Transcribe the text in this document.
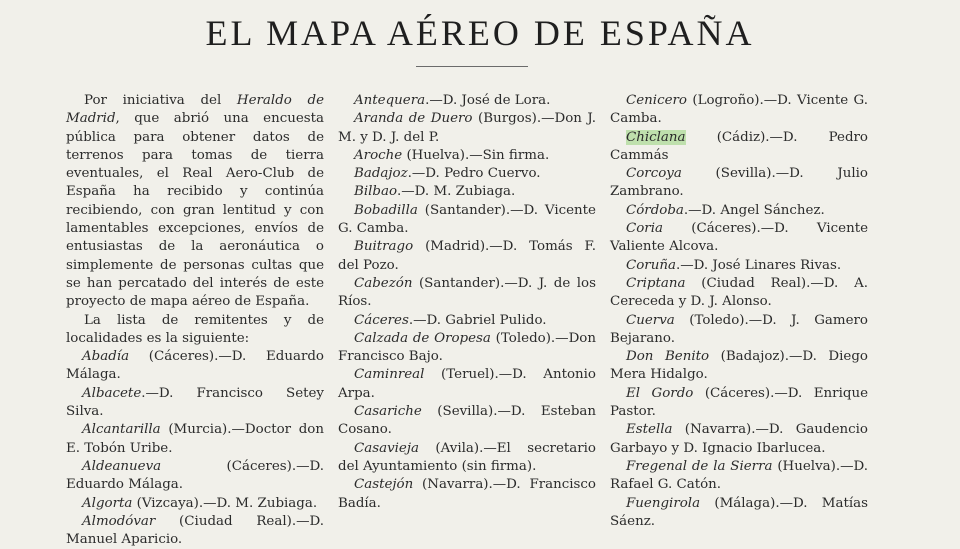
EL MAPA AÉREO DE ESPAÑA

Por iniciativa del Heraldo de Madrid, que abrió una encuesta pública para obtener datos de terrenos para tomas de tierra eventuales, el Real Aero-Club de España ha recibido y continúa recibiendo, con gran lentitud y con lamentables excepciones, envíos de entusiastas de la aeronáutica o simplemente de personas cultas que se han percatado del interés de este proyecto de mapa aéreo de España.

La lista de remitentes y de localidades es la siguiente:

Abadía (Cáceres).—D. Eduardo Málaga.

Albacete.—D. Francisco Setey Silva.

Alcantarilla (Murcia).—Doctor don E. Tobón Uribe.

Aldeanueva (Cáceres).—D. Eduardo Málaga.

Algorta (Vizcaya).—D. M. Zubiaga.

Almodóvar (Ciudad Real).—D. Manuel Aparicio.

Antequera.—D. José de Lora.

Aranda de Duero (Burgos).—Don J. M. y D. J. del P.

Aroche (Huelva).—Sin firma.

Badajoz.—D. Pedro Cuervo.

Bilbao.—D. M. Zubiaga.

Bobadilla (Santander).—D. Vicente G. Camba.

Buitrago (Madrid).—D. Tomás F. del Pozo.

Cabezón (Santander).—D. J. de los Ríos.

Cáceres.—D. Gabriel Pulido.

Calzada de Oropesa (Toledo).—Don Francisco Bajo.

Caminreal (Teruel).—D. Antonio Arpa.

Casariche (Sevilla).—D. Esteban Cosano.

Casavieja (Avila).—El secretario del Ayuntamiento (sin firma).

Castejón (Navarra).—D. Francisco Badía.

Cenicero (Logroño).—D. Vicente G. Camba.

Chiclana (Cádiz).—D. Pedro Cammás

Corcoya (Sevilla).—D. Julio Zambrano.

Córdoba.—D. Angel Sánchez.

Coria (Cáceres).—D. Vicente Valiente Alcova.

Coruña.—D. José Linares Rivas.

Criptana (Ciudad Real).—D. A. Cereceda y D. J. Alonso.

Cuerva (Toledo).—D. J. Gamero Bejarano.

Don Benito (Badajoz).—D. Diego Mera Hidalgo.

El Gordo (Cáceres).—D. Enrique Pastor.

Estella (Navarra).—D. Gaudencio Garbayo y D. Ignacio Ibarlucea.

Fregenal de la Sierra (Huelva).—D. Rafael G. Catón.

Fuengirola (Málaga).—D. Matías Sáenz.
